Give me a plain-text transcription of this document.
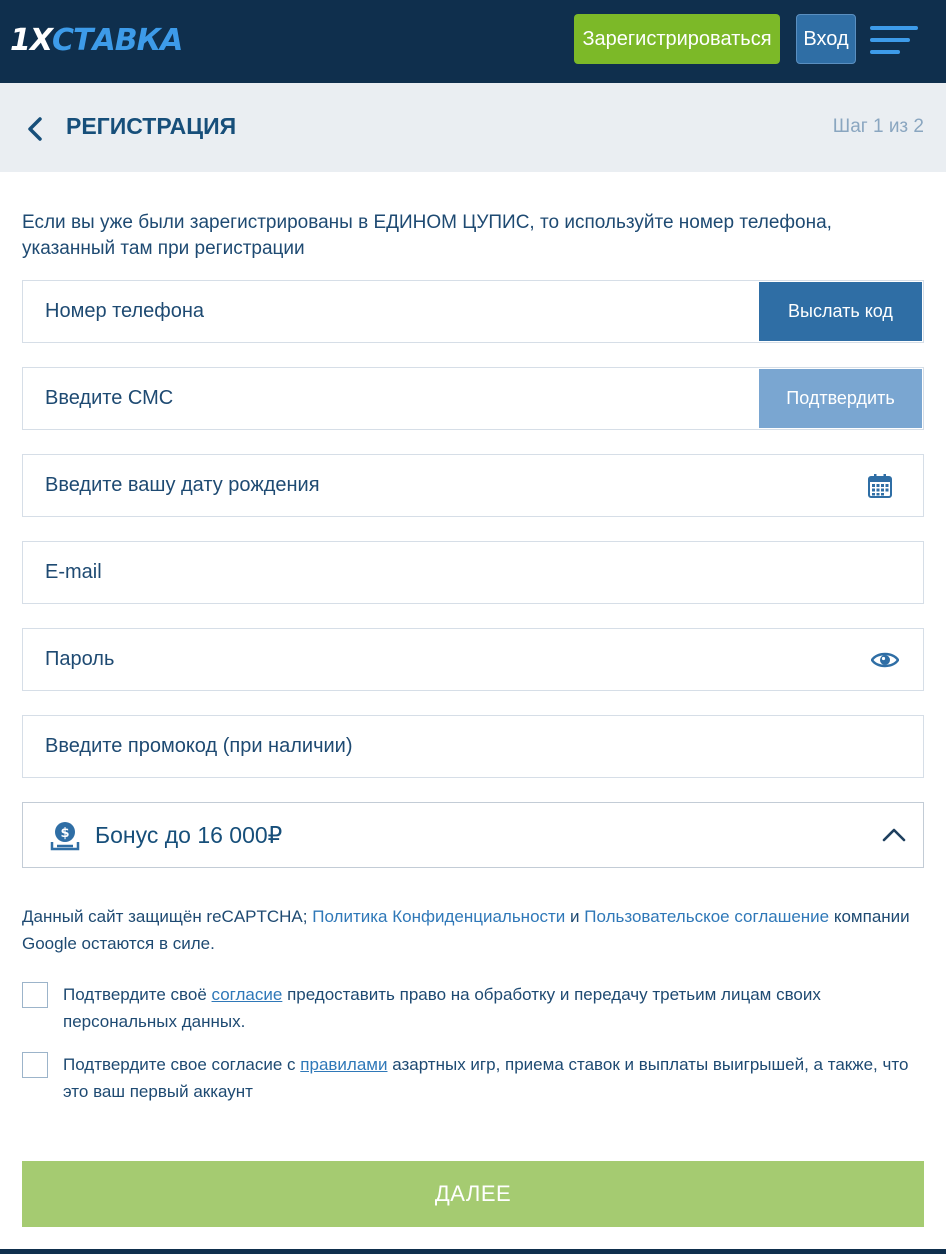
1X СТАВКА	Зарегистрироваться	Вход
РЕГИСТРАЦИЯ	Шаг 1 из 2
Если вы уже были зарегистрированы в ЕДИНОМ ЦУПИС, то используйте номер телефона, указанный там при регистрации
Номер телефона	Выслать код
Введите СМС	Подтвердить
Введите вашу дату рождения
E-mail
Пароль
Введите промокод (при наличии)
$ Бонус до 16 000₽
Данный сайт защищён reCAPTCHA; Политика Конфиденциальности и Пользовательское соглашение компании Google остаются в силе.
Подтвердите своё согласие предоставить право на обработку и передачу третьим лицам своих персональных данных.
Подтвердите свое согласие с правилами азартных игр, приема ставок и выплаты выигрышей, а также, что это ваш первый аккаунт
ДАЛЕЕ
